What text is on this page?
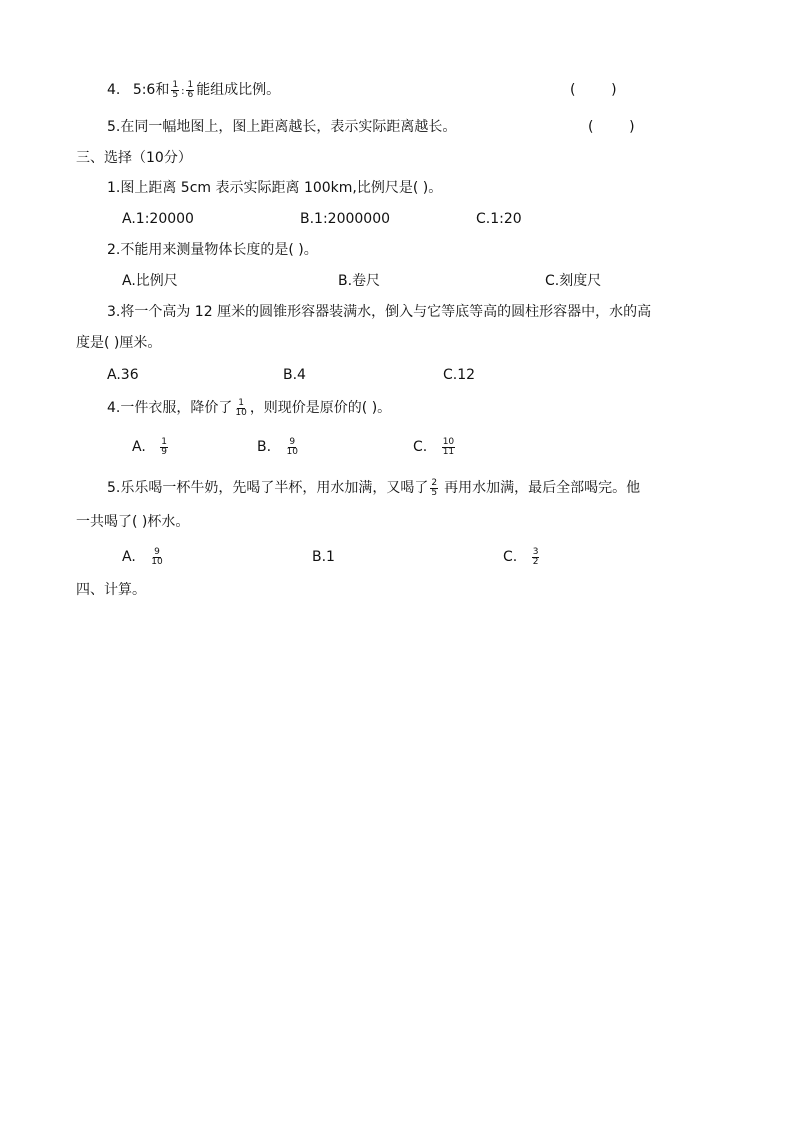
4. 5:6和 $\frac{1}{5}$ : $\frac{1}{6}$ 能组成比例。	(        )
5.在同一幅地图上，图上距离越长，表示实际距离越长。	(        )
三、选择（10分）
1.图上距离 5cm 表示实际距离 100km,比例尺是( )。
A.1:20000	B.1:2000000	C.1:20
2.不能用来测量物体长度的是( )。
A.比例尺	B.卷尺	C.刻度尺
3.将一个高为 12 厘米的圆锥形容器装满水，倒入与它等底等高的圆柱形容器中，水的高
度是( )厘米。
A.36	B.4	C.12
4.一件衣服，降价了 $\frac{1}{10}$ ，则现价是原价的( )。
A. $\frac{1}{9}$	B. $\frac{9}{10}$	C. $\frac{10}{11}$
5.乐乐喝一杯牛奶，先喝了半杯，用水加满，又喝了 $\frac{2}{5}$ 再用水加满，最后全部喝完。他
一共喝了( )杯水。
A. $\frac{9}{10}$	B.1	C. $\frac{3}{2}$
四、计算。
